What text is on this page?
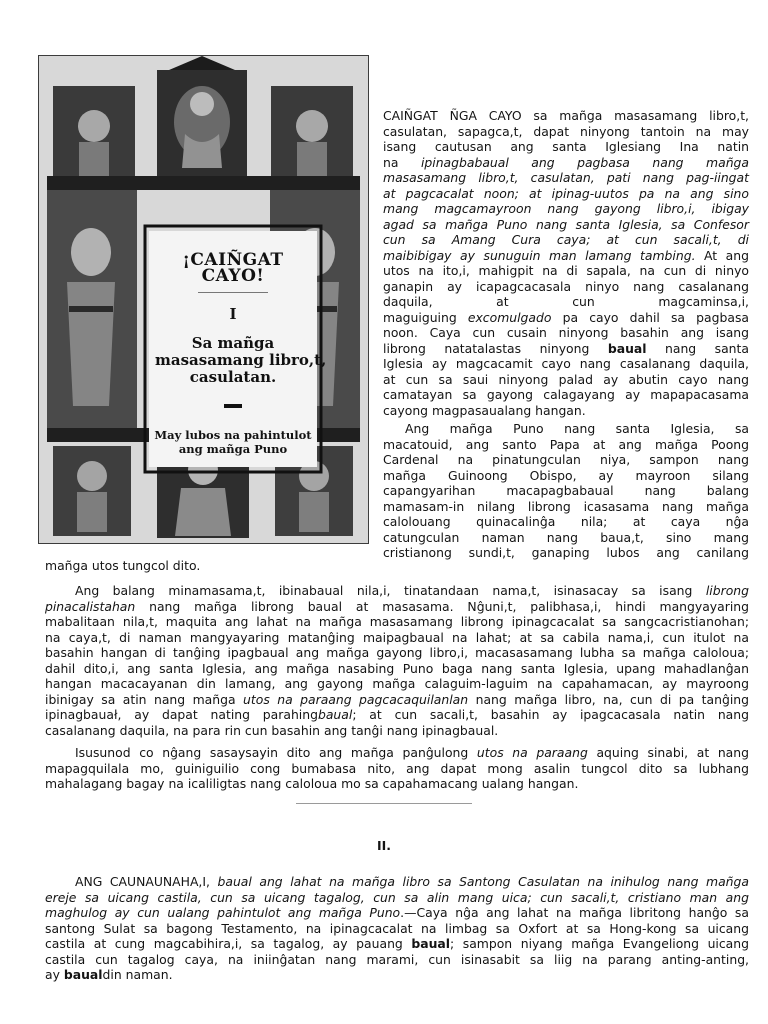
¡CAIÑGAT CAYO!
I
Sa mañga
masasamang libro,t,
casulatan.
May lubos na pahintulot
ang mañga Puno
CAIÑGAT ÑGA CAYO sa mañga masasamang libro,t,
casulatan, sapagca,t, dapat ninyong tantoin na may
isang cautusan ang santa Iglesiang Ina natin
na ipinagbabaual ang pagbasa nang mañga
masasamang libro,t, casulatan, pati nang pag-iingat
at pagcacalat noon; at ipinag-uutos pa na ang sino
mang magcamayroon nang gayong libro,i, ibigay
agad sa mañga Puno nang santa Iglesia, sa Confesor
cun sa Amang Cura caya; at cun sacali,t, di
maibibigay ay sunuguin man lamang tambing. At ang
utos na ito,i, mahigpit na di sapala, na cun di ninyo
ganapin ay icapagcacasala ninyo nang casalanang
daquila, at cun magcaminsa,i,
maguiguing excomulgado pa cayo dahil sa pagbasa
noon. Caya cun cusain ninyong basahin ang isang
librong natatalastas ninyong baual nang santa
Iglesia ay magcacamit cayo nang casalanang daquila,
at cun sa saui ninyong palad ay abutin cayo nang
camatayan sa gayong calagayang ay mapapacasama
cayong magpasaualang hangan.
Ang mañga Puno nang santa Iglesia, sa
macatouid, ang santo Papa at ang mañga Poong
Cardenal na pinatungculan niya, sampon nang
mañga Guinoong Obispo, ay mayroon silang
capangyarihan macapagbabaual nang balang
mamasam-in nilang librong icasasama nang mañga
calolouang quinacalinĝa nila; at caya nĝa
catungculan naman nang baua,t, sino mang
cristianong sundi,t, ganaping lubos ang canilang
mañga utos tungcol dito.
Ang balang minamasama,t, ibinabaual nila,i, tinatandaan nama,t, isinasacay sa isang librong
pinacalistahan nang mañga librong baual at masasama. Nĝuni,t, palibhasa,i, hindi mangyayaring
mabalitaan nila,t, maquita ang lahat na mañga masasamang librong ipinagcacalat sa sangcacristianohan;
na caya,t, di naman mangyayaring matanĝing maipagbaual na lahat; at sa cabila nama,i, cun itulot na
basahin hangan di tanĝing ipagbaual ang mañga gayong libro,i, macasasamang lubha sa mañga caloloua;
dahil dito,i, ang santa Iglesia, ang mañga nasabing Puno baga nang santa Iglesia, upang mahadlanĝan
hangan macacayanan din lamang, ang gayong mañga calaguim-laguim na capahamacan, ay mayroong
ibinigay sa atin nang mañga utos na paraang pagcacaquilanlan nang mañga libro, na, cun di pa tanĝing
ipinagbauał, ay dapat nating parahingbaual; at cun sacali,t, basahin ay ipagcacasala natin nang
casalanang daquila, na para rin cun basahin ang tanĝi nang ipinagbaual.
Isusunod co nĝang sasaysayin dito ang mañga panĝulong utos na paraang aquing sinabi, at nang
mapagquilala mo, guiniguilio cong bumabasa nito, ang dapat mong asalin tungcol dito sa lubhang
mahalagang bagay na icaliligtas nang caloloua mo sa capahamacang ualang hangan.
II.
ANG CAUNAUNAHA,I, baual ang lahat na mañga libro sa Santong Casulatan na inihulog nang mañga
ereje sa uicang castila, cun sa uicang tagalog, cun sa alin mang uica; cun sacali,t, cristiano man ang
maghulog ay cun ualang pahintulot ang mañga Puno.—Caya nĝa ang lahat na mañga libritong hanĝo sa
santong Sulat sa bagong Testamento, na ipinagcacalat na limbag sa Oxfort at sa Hong-kong sa uicang
castila at cung magcabihira,i, sa tagalog, ay pauang baual; sampon niyang mañga Evangeliong uicang
castila cun tagalog caya, na iniinĝatan nang marami, cun isinasabit sa liig na parang anting-anting,
ay baualdin naman.
